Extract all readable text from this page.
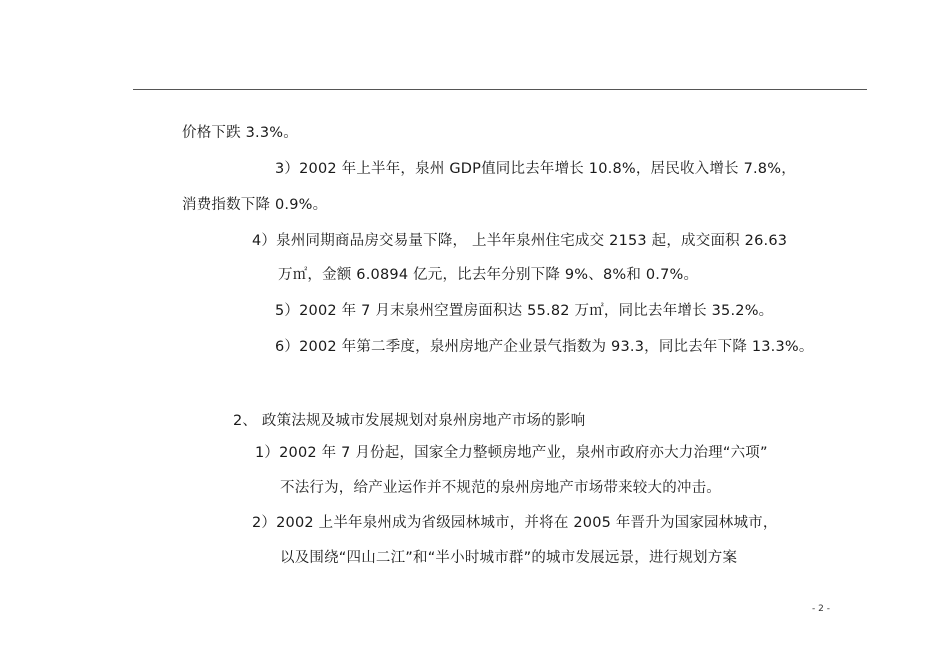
价格下跌 3.3%。
3）2002 年上半年，泉州 GDP值同比去年增长 10.8%，居民收入增长 7.8%，
消费指数下降 0.9%。
4）泉州同期商品房交易量下降， 上半年泉州住宅成交 2153 起，成交面积 26.63
万㎡，金额 6.0894 亿元，比去年分别下降 9%、8%和 0.7%。
5）2002 年 7 月末泉州空置房面积达 55.82 万㎡，同比去年增长 35.2%。
6）2002 年第二季度，泉州房地产企业景气指数为 93.3，同比去年下降 13.3%。
2、 政策法规及城市发展规划对泉州房地产市场的影响
1）2002 年 7 月份起，国家全力整顿房地产业，泉州市政府亦大力治理“六项”
不法行为，给产业运作并不规范的泉州房地产市场带来较大的冲击。
2）2002 上半年泉州成为省级园林城市，并将在 2005 年晋升为国家园林城市，
以及围绕“四山二江”和“半小时城市群”的城市发展远景，进行规划方案
- 2 -
